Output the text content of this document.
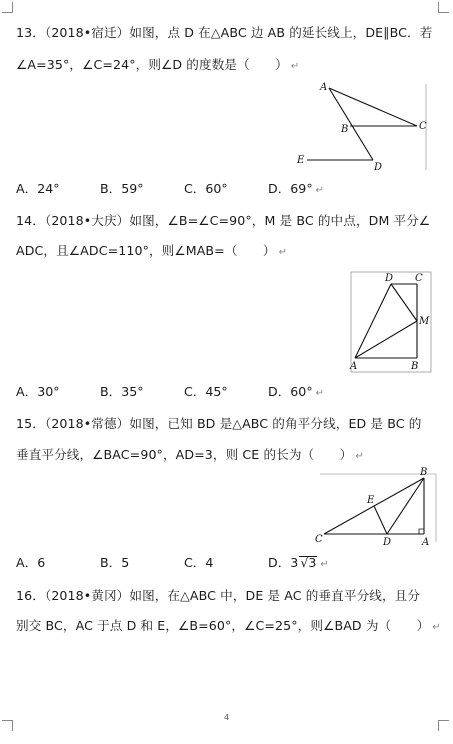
13．（2018•宿迁）如图，点 D 在△ABC 边 AB 的延长线上，DE∥BC．若
∠A=35°，∠C=24°，则∠D 的度数是（　　） ↵
A
B	C
E
D
A．24°	B．59°	C．60°	D．69° ↵
14．（2018•大庆）如图，∠B=∠C=90°，M 是 BC 的中点，DM 平分∠
ADC，且∠ADC=110°，则∠MAB=（　　） ↵
D C
M
A	B
A．30°	B．35°	C．45°	D．60° ↵
15．（2018•常德）如图，已知 BD 是△ABC 的角平分线，ED 是 BC 的
垂直平分线，∠BAC=90°，AD=3，则 CE 的长为（　　） ↵
B
E
C	D	A
A．6	B．5	C．4	D．3 √3 ↵
16．（2018•黄冈）如图，在△ABC 中，DE 是 AC 的垂直平分线，且分
别交 BC，AC 于点 D 和 E，∠B=60°，∠C=25°，则∠BAD 为（　　） ↵
4
